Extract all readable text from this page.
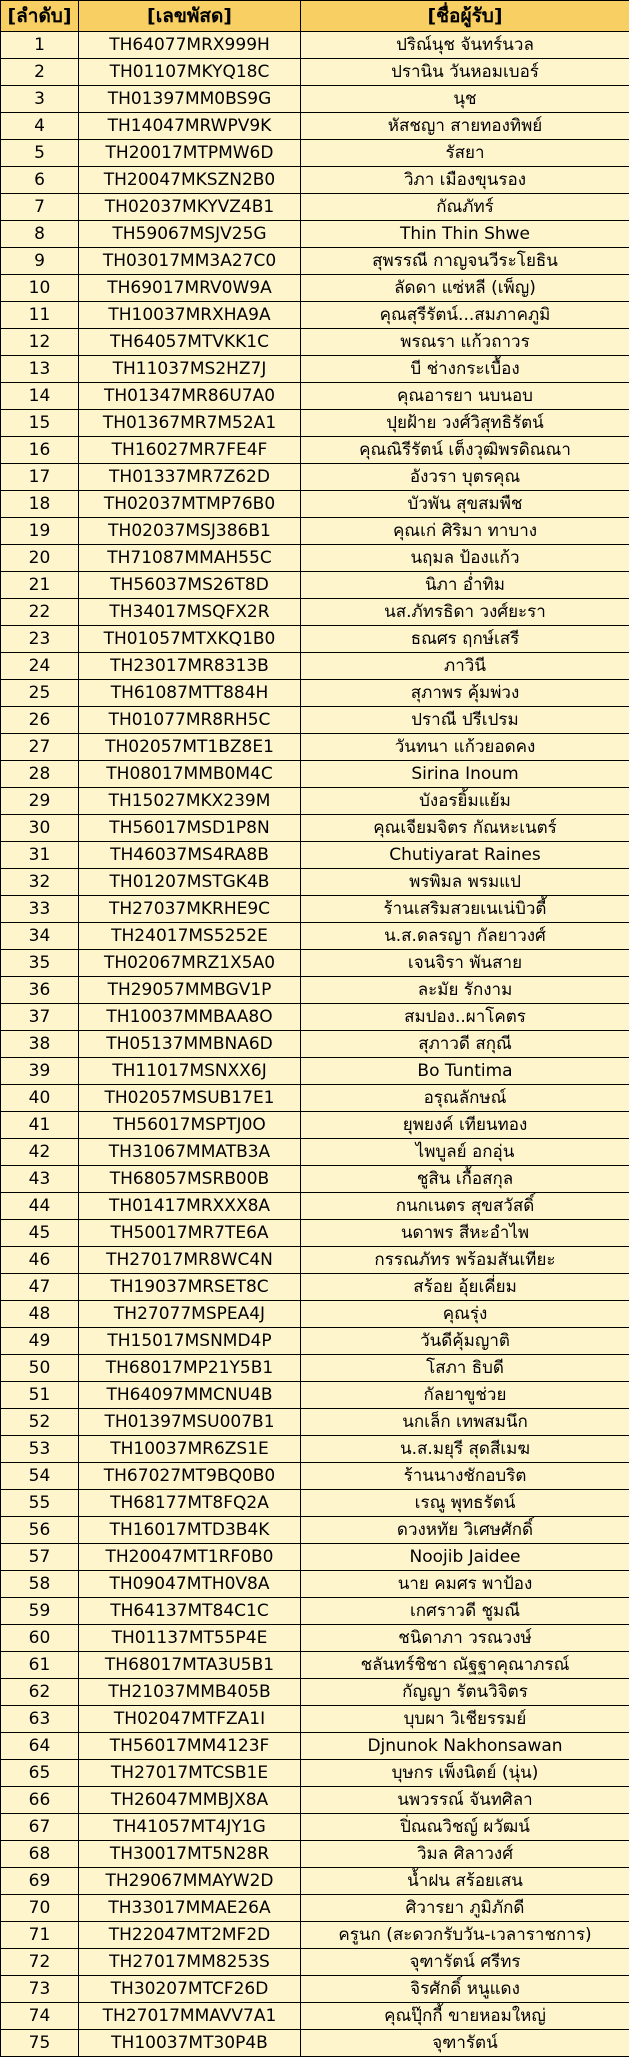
[ลำดับ]	[เลขพัสด]	[ชื่อผู้รับ]
1	TH64077MRX999H	ปริณ์นุช จันทร์นวล
2	TH01107MKYQ18C	ปรานิน วันหอมเบอร์
3	TH01397MM0BS9G	นุช
4	TH14047MRWPV9K	หัสชญา สายทองทิพย์
5	TH20017MTPMW6D	รัสยา
6	TH20047MKSZN2B0	วิภา เมืองขุนรอง
7	TH02037MKYVZ4B1	กัณภัทร์
8	TH59067MSJV25G	Thin Thin Shwe
9	TH03017MM3A27C0	สุพรรณี กาญจนวีระโยธิน
10	TH69017MRV0W9A	ลัดดา แซ่หลี (เพ็ญ)
11	TH10037MRXHA9A	คุณสุรีรัตน์...สมภาคภูมิ
12	TH64057MTVKK1C	พรณรา แก้วถาวร
13	TH11037MS2HZ7J	บี ช่างกระเบื้อง
14	TH01347MR86U7A0	คุณอารยา นบนอบ
15	TH01367MR7M52A1	ปุยฝ้าย วงศ์วิสุทธิรัตน์
16	TH16027MR7FE4F	คุณณิรีรัตน์ เต็งวุฒิพรดิณณา
17	TH01337MR7Z62D	อังวรา บุตรคุณ
18	TH02037MTMP76B0	บัวพัน สุขสมพืช
19	TH02037MSJ386B1	คุณเก่ ศิริมา ทาบาง
20	TH71087MMAH55C	นฤมล ป้องแก้ว
21	TH56037MS26T8D	นิภา อ่ำทิม
22	TH34017MSQFX2R	นส.ภัทรธิดา วงศ์ยะรา
23	TH01057MTXKQ1B0	ธณศร ฤกษ์เสรี
24	TH23017MR8313B	ภาวินี
25	TH61087MTT884H	สุภาพร คุ้มพ่วง
26	TH01077MR8RH5C	ปราณี ปรีเปรม
27	TH02057MT1BZ8E1	วันทนา แก้วยอดคง
28	TH08017MMB0M4C	Sirina Inoum
29	TH15027MKX239M	บังอรยิ้มแย้ม
30	TH56017MSD1P8N	คุณเจียมจิตร กัณหะเนตร์
31	TH46037MS4RA8B	Chutiyarat Raines
32	TH01207MSTGK4B	พรพิมล พรมแป
33	TH27037MKRHE9C	ร้านเสริมสวยเนเน่บิวตี้
34	TH24017MS5252E	น.ส.ดลรญา กัลยาวงศ์
35	TH02067MRZ1X5A0	เจนจิรา พันสาย
36	TH29057MMBGV1P	ละมัย รักงาม
37	TH10037MMBAA8O	สมปอง..ผาโคตร
38	TH05137MMBNA6D	สุภาวดี สกุณี
39	TH11017MSNXX6J	Bo Tuntima
40	TH02057MSUB17E1	อรุณลักษณ์
41	TH56017MSPTJ0O	ยุพยงค์ เทียนทอง
42	TH31067MMATB3A	ไพบูลย์ อกอุ่น
43	TH68057MSRB00B	ชูสิน เกื้อสกุล
44	TH01417MRXXX8A	กนกเนตร สุขสวัสดิ์
45	TH50017MR7TE6A	นดาพร สีหะอำไพ
46	TH27017MR8WC4N	กรรณภัทร พร้อมสันเทียะ
47	TH19037MRSET8C	สร้อย อุ้ยเคี่ยม
48	TH27077MSPEA4J	คุณรุ่ง
49	TH15017MSNMD4P	วันดีคุ้มญาติ
50	TH68017MP21Y5B1	โสภา ธิบดี
51	TH64097MMCNU4B	กัลยาขูช่วย
52	TH01397MSU007B1	นกเล็ก เทพสมนึก
53	TH10037MR6ZS1E	น.ส.มยุรี สุดสีเมฆ
54	TH67027MT9BQ0B0	ร้านนางชักอบริต
55	TH68177MT8FQ2A	เรณู พุทธรัตน์
56	TH16017MTD3B4K	ดวงหทัย วิเศษศักดิ์
57	TH20047MT1RF0B0	Noojib Jaidee
58	TH09047MTH0V8A	นาย คมศร พาป้อง
59	TH64137MT84C1C	เกศราวดี ชูมณี
60	TH01137MT55P4E	ชนิดาภา วรณวงษ์
61	TH68017MTA3U5B1	ชลันทร์ชิชา ณัฐฐาคุณาภรณ์
62	TH21037MMB405B	กัญญา รัตนวิจิตร
63	TH02047MTFZA1I	บุบผา วิเชียรรมย์
64	TH56017MM4123F	Djnunok Nakhonsawan
65	TH27017MTCSB1E	บุษกร เพ็งนิตย์ (นุ่น)
66	TH26047MMBJX8A	นพวรรณ์ จันทศิลา
67	TH41057MT4JY1G	ปิ่ณณวิชญ์ ผวัฒน์
68	TH30017MT5N28R	วิมล ศิลาวงศ์
69	TH29067MMAYW2D	น้ำฝน สร้อยเสน
70	TH33017MMAE26A	ศิวารยา ภูมิภักดี
71	TH22047MT2MF2D	ครูนก (สะดวกรับวัน-เวลาราชการ)
72	TH27017MM8253S	จุฑารัตน์ ศรีทร
73	TH30207MTCF26D	จิรศักดิ์ หนูแดง
74	TH27017MMAVV7A1	คุณปุ๊กกี้ ขายหอมใหญ่
75	TH10037MT30P4B	จุฑารัตน์
